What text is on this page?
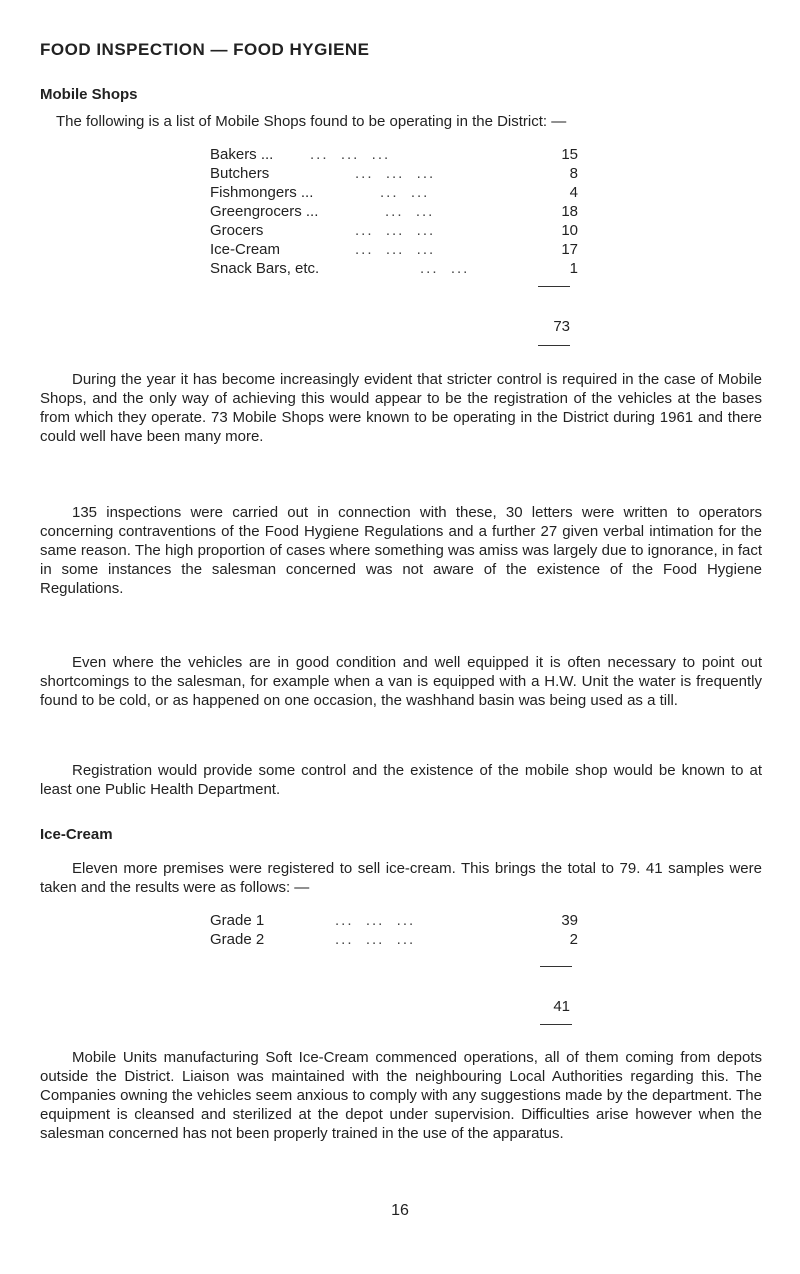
FOOD INSPECTION — FOOD HYGIENE
Mobile Shops
The following is a list of Mobile Shops found to be operating in the District: —
Bakers ... ...  ...  ...	15
Butchers	...  ...  ...	8
Fishmongers ...	...  ...	4
Greengrocers ...	...  ...	18
Grocers	...  ...  ...	10
Ice-Cream	...  ...  ...	17
Snack Bars, etc.	...  ...	1
73
During the year it has become increasingly evident that stricter control is required in the case of Mobile Shops, and the only way of achieving this would appear to be the registration of the vehicles at the bases from which they operate. 73 Mobile Shops were known to be operating in the District during 1961 and there could well have been many more.
135 inspections were carried out in connection with these, 30 letters were written to operators concerning contraventions of the Food Hygiene Regulations and a further 27 given verbal intimation for the same reason. The high proportion of cases where something was amiss was largely due to ignorance, in fact in some instances the salesman concerned was not aware of the existence of the Food Hygiene Regulations.
Even where the vehicles are in good condition and well equipped it is often necessary to point out shortcomings to the salesman, for example when a van is equipped with a H.W. Unit the water is frequently found to be cold, or as happened on one occasion, the washhand basin was being used as a till.
Registration would provide some control and the existence of the mobile shop would be known to at least one Public Health Department.
Ice-Cream
Eleven more premises were registered to sell ice-cream. This brings the total to 79. 41 samples were taken and the results were as follows: —
Grade 1	...  ...  ...	39
Grade 2	...  ...  ...	2
41
Mobile Units manufacturing Soft Ice-Cream commenced operations, all of them coming from depots outside the District. Liaison was maintained with the neighbouring Local Authorities regarding this. The Companies owning the vehicles seem anxious to comply with any suggestions made by the department. The equipment is cleansed and sterilized at the depot under supervision. Difficulties arise however when the salesman concerned has not been properly trained in the use of the apparatus.
16
